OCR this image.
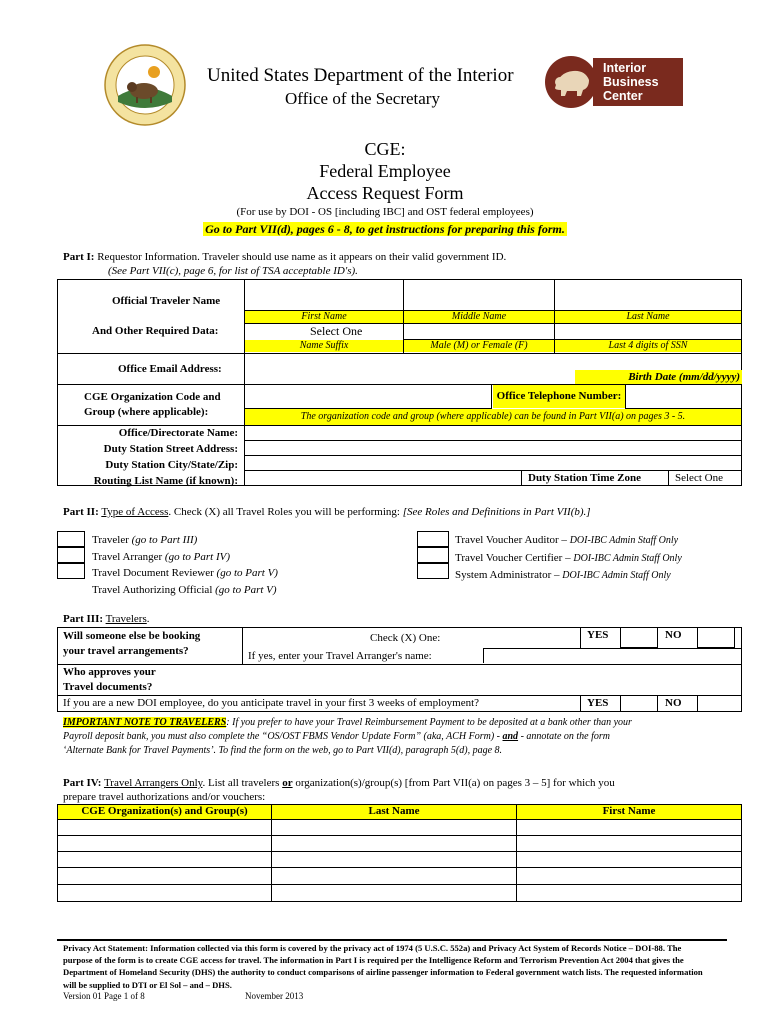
United States Department of the Interior
Office of the Secretary
Interior
Business
Center
CGE:
Federal Employee
Access Request Form
(For use by DOI - OS [including IBC] and OST federal employees)
Go to Part VII(d), pages 6 - 8, to get instructions for preparing this form.
Part I: Requestor Information. Traveler should use name as it appears on their valid government ID.
(See Part VII(c), page 6, for list of TSA acceptable ID's).
Official Traveler Name
And Other Required Data:
First Name	Middle Name	Last Name
Select One
Name Suffix	Male (M) or Female (F)	Last 4 digits of SSN
Office Email Address:
Birth Date (mm/dd/yyyy)
CGE Organization Code and
Group (where applicable):
Office Telephone Number:
The organization code and group (where applicable) can be found in Part VII(a) on pages 3 - 5.
Office/Directorate Name:
Duty Station Street Address:
Duty Station City/State/Zip:
Routing List Name (if known):	Duty Station Time Zone	Select One
Part II: Type of Access. Check (X) all Travel Roles you will be performing: [See Roles and Definitions in Part VII(b).]
Traveler (go to Part III)
Travel Arranger (go to Part IV)
Travel Document Reviewer (go to Part V)
Travel Authorizing Official (go to Part V)
Travel Voucher Auditor – DOI-IBC Admin Staff Only
Travel Voucher Certifier – DOI-IBC Admin Staff Only
System Administrator – DOI-IBC Admin Staff Only
Part III: Travelers.
Will someone else be booking
your travel arrangements?
Check (X) One:	YES	NO
If yes, enter your Travel Arranger's name:
Who approves your
Travel documents?
If you are a new DOI employee, do you anticipate travel in your first 3 weeks of employment?	YES	NO
IMPORTANT NOTE TO TRAVELERS: If you prefer to have your Travel Reimbursement Payment to be deposited at a bank other than your
Payroll deposit bank, you must also complete the “OS/OST FBMS Vendor Update Form” (aka, ACH Form) - and - annotate on the form
‘Alternate Bank for Travel Payments’. To find the form on the web, go to Part VII(d), paragraph 5(d), page 8.
Part IV: Travel Arrangers Only. List all travelers or organization(s)/group(s) [from Part VII(a) on pages 3 – 5] for which you
prepare travel authorizations and/or vouchers:
CGE Organization(s) and Group(s)	Last Name	First Name
Privacy Act Statement: Information collected via this form is covered by the privacy act of 1974 (5 U.S.C. 552a) and Privacy Act System of Records Notice – DOI-88. The purpose of the form is to create CGE access for travel. The information in Part I is required per the Intelligence Reform and Terrorism Prevention Act 2004 that gives the Department of Homeland Security (DHS) the authority to conduct comparisons of airline passenger information to Federal government watch lists. The requested information will be supplied to DTI or El Sol – and – DHS.
Version 01 Page 1 of 8	November 2013
